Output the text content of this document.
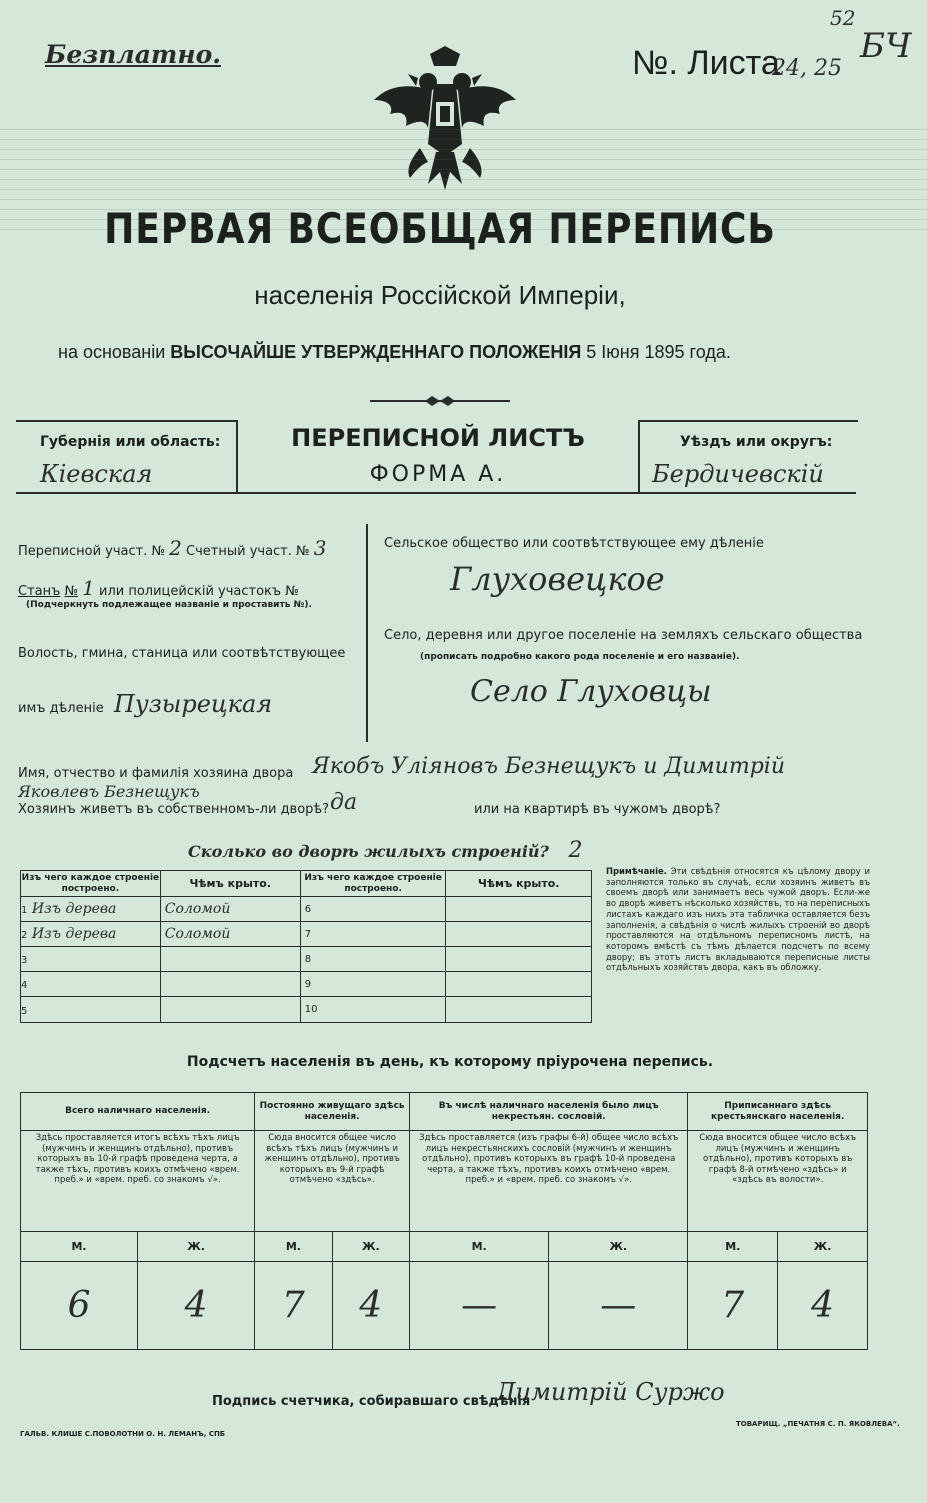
Безплатно.	№. Листа
24, 25
52
БЧ
ПЕРВАЯ ВСЕОБЩАЯ ПЕРЕПИСЬ
населенія Россійской Имперіи,
на основаніи ВЫСОЧАЙШЕ УТВЕРЖДЕННАГО ПОЛОЖЕНІЯ 5 Іюня 1895 года.
Губернія или область:
Кіевская
ПЕРЕПИСНОЙ ЛИСТЪ
ФОРМА А.
Уѣздъ или округъ:
Бердичевскій
Переписной участ. № 2 Счетный участ. № 3
Станъ № 1 или полицейскій участокъ №
(Подчеркнуть подлежащее названіе и проставить №).
Волость, гмина, станица или соотвѣтствующее
имъ дѣленіе Пузырецкая
Сельское общество или соотвѣтствующее ему дѣленіе
Глуховецкое
Село, деревня или другое поселеніе на земляхъ сельскаго общества
(прописать подробно какого рода поселеніе и его названіе).
Село Глуховцы
Имя, отчество и фамилія хозяина двора Якобъ Уліяновъ Безнещукъ и Димитрій
Яковлевъ Безнещукъ
Хозяинъ живетъ въ собственномъ-ли дворѣ? да	или на квартирѣ въ чужомъ дворѣ?
Сколько во дворѣ жилыхъ строеній? 2
Изъ чего каждое строеніе построено.	Чѣмъ крыто.	Изъ чего каждое строеніе построено.	Чѣмъ крыто.
1 Изъ дерева	Соломой	6	
2 Изъ дерева	Соломой	7	
3		8	
4		9	
5		10	
Примѣчаніе. Эти свѣдѣнія относятся къ цѣлому двору и заполняются только въ случаѣ, если хозяинъ живетъ въ своемъ дворѣ или занимаетъ весь чужой дворъ. Если-же во дворѣ живетъ нѣсколько хозяйствъ, то на переписныхъ листахъ каждаго изъ нихъ эта табличка оставляется безъ заполненія, а свѣдѣнія о числѣ жилыхъ строеній во дворѣ проставляются на отдѣльномъ переписномъ листѣ, на которомъ вмѣстѣ съ тѣмъ дѣлается подсчетъ по всему двору; въ этотъ листъ вкладываются переписные листы отдѣльныхъ хозяйствъ двора, какъ въ обложку.
Подсчетъ населенія въ день, къ которому пріурочена перепись.
Всего наличнаго населенія.		Постоянно живущаго здѣсь населенія.		Въ числѣ наличнаго населенія было лицъ некрестьян. сословій.		Приписаннаго здѣсь крестьянскаго населенія.	
Здѣсь проставляется итогъ всѣхъ тѣхъ лицъ (мужчинъ и женщинъ отдѣльно), противъ которыхъ въ 10-й графѣ проведена черта, а также тѣхъ, противъ коихъ отмѣчено «врем. преб.» и «врем. преб. со знакомъ √».		Сюда вносится общее число всѣхъ тѣхъ лицъ (мужчинъ и женщинъ отдѣльно), противъ которыхъ въ 9-й графѣ отмѣчено «здѣсь».		Здѣсь проставляется (изъ графы 6-й) общее число всѣхъ лицъ некрестьянскихъ сословій (мужчинъ и женщинъ отдѣльно), противъ которыхъ въ графѣ 10-й проведена черта, а также тѣхъ, противъ коихъ отмѣчено «врем. преб.» и «врем. преб. со знакомъ √».		Сюда вносится общее число всѣхъ лицъ (мужчинъ и женщинъ отдѣльно), противъ которыхъ въ графѣ 8-й отмѣчено «здѣсь» и «здѣсь въ волости».	
М.	Ж.	М.	Ж.	М.	Ж.	М.	Ж.
6	4	7	4	—	—	7	4
Подпись счетчика, собиравшаго свѣдѣнія
Димитрій Суржо
ГАЛЬВ. КЛИШЕ С.ПОВОЛОТНИ О. Н. ЛЕМАНЪ, СПБ
ТОВАРИЩ. „ПЕЧАТНЯ С. П. ЯКОВЛЕВА“.
